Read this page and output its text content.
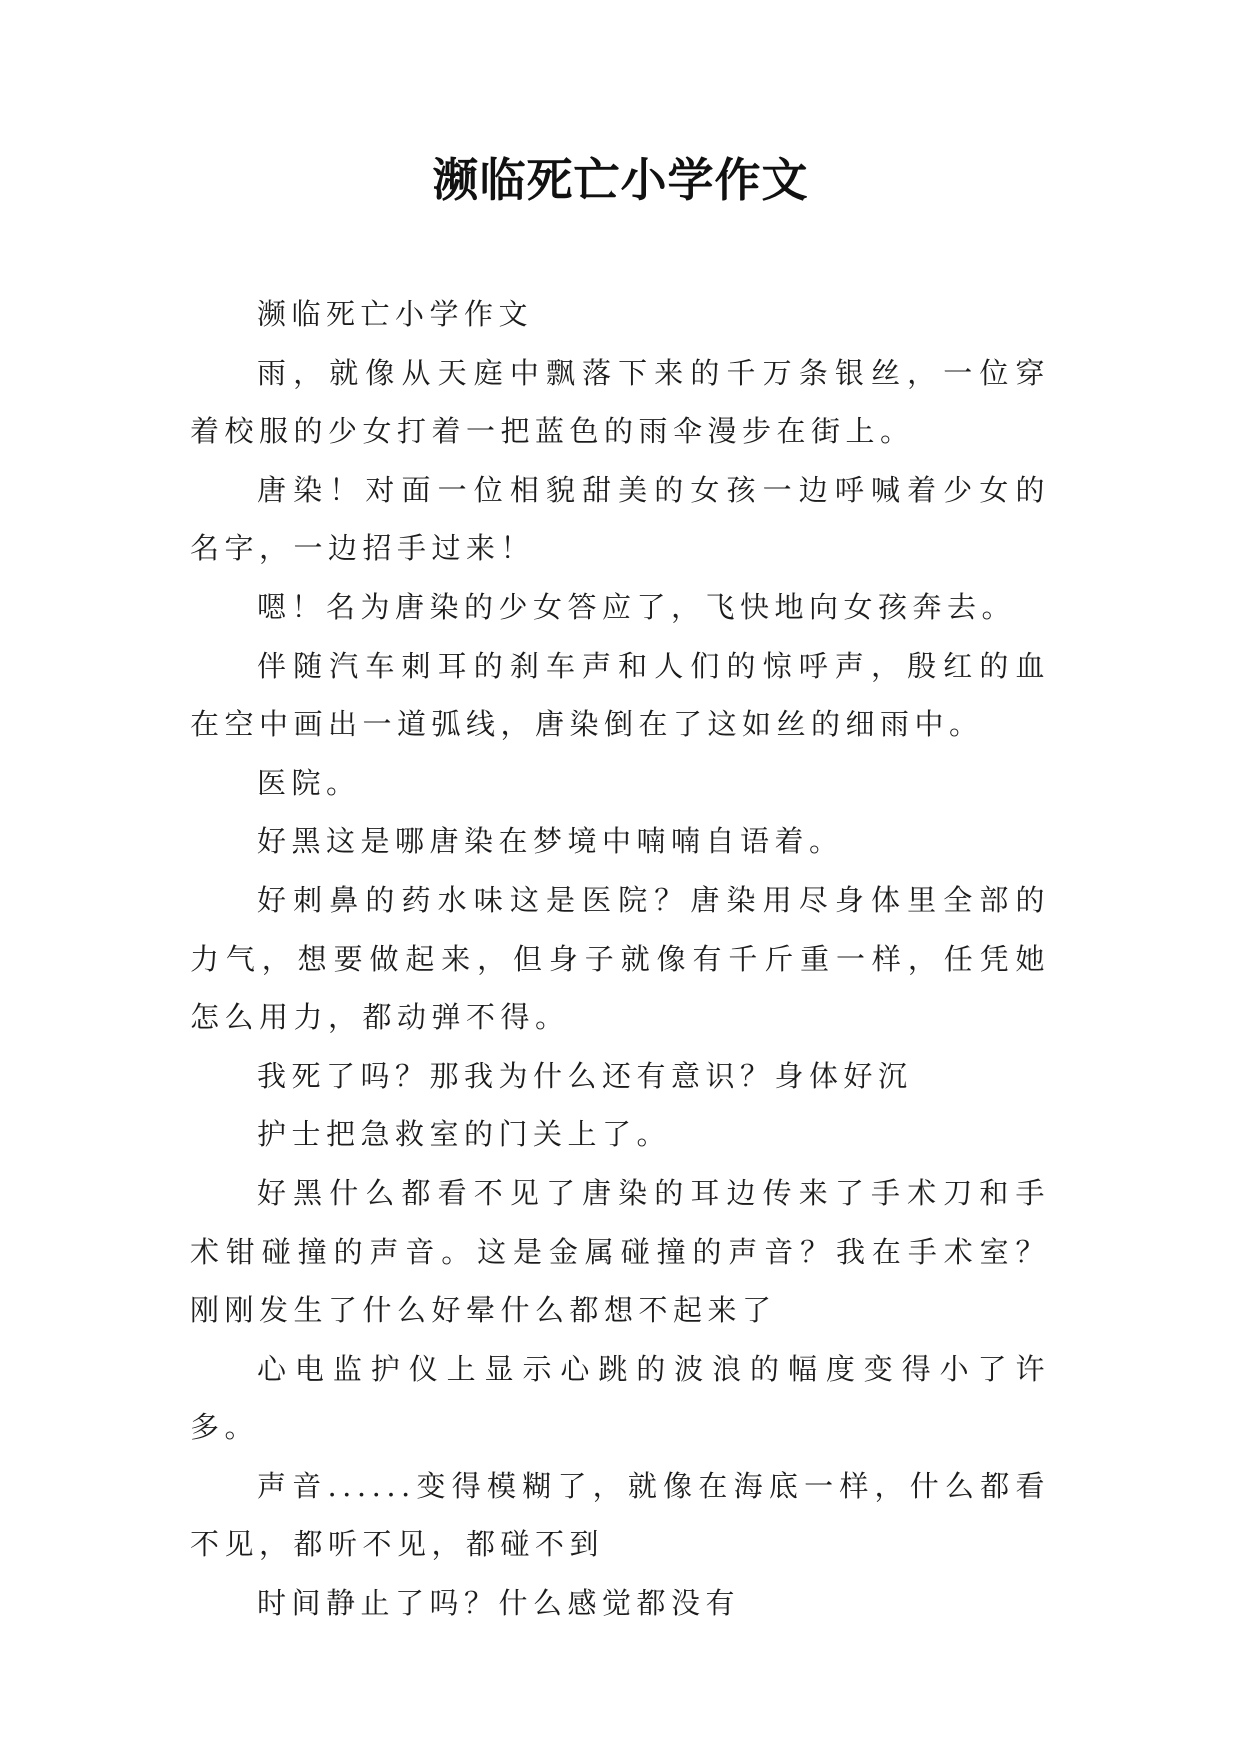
濒临死亡小学作文

濒临死亡小学作文

雨，就像从天庭中飘落下来的千万条银丝，一位穿着校服的少女打着一把蓝色的雨伞漫步在街上。

唐染！对面一位相貌甜美的女孩一边呼喊着少女的名字，一边招手过来！

嗯！名为唐染的少女答应了，飞快地向女孩奔去。

伴随汽车刺耳的刹车声和人们的惊呼声，殷红的血在空中画出一道弧线，唐染倒在了这如丝的细雨中。

医院。

好黑这是哪唐染在梦境中喃喃自语着。

好刺鼻的药水味这是医院？唐染用尽身体里全部的力气，想要做起来，但身子就像有千斤重一样，任凭她怎么用力，都动弹不得。

我死了吗？那我为什么还有意识？身体好沉

护士把急救室的门关上了。

好黑什么都看不见了唐染的耳边传来了手术刀和手术钳碰撞的声音。这是金属碰撞的声音？我在手术室？刚刚发生了什么好晕什么都想不起来了

心电监护仪上显示心跳的波浪的幅度变得小了许多。

声音......变得模糊了，就像在海底一样，什么都看不见，都听不见，都碰不到

时间静止了吗？什么感觉都没有
